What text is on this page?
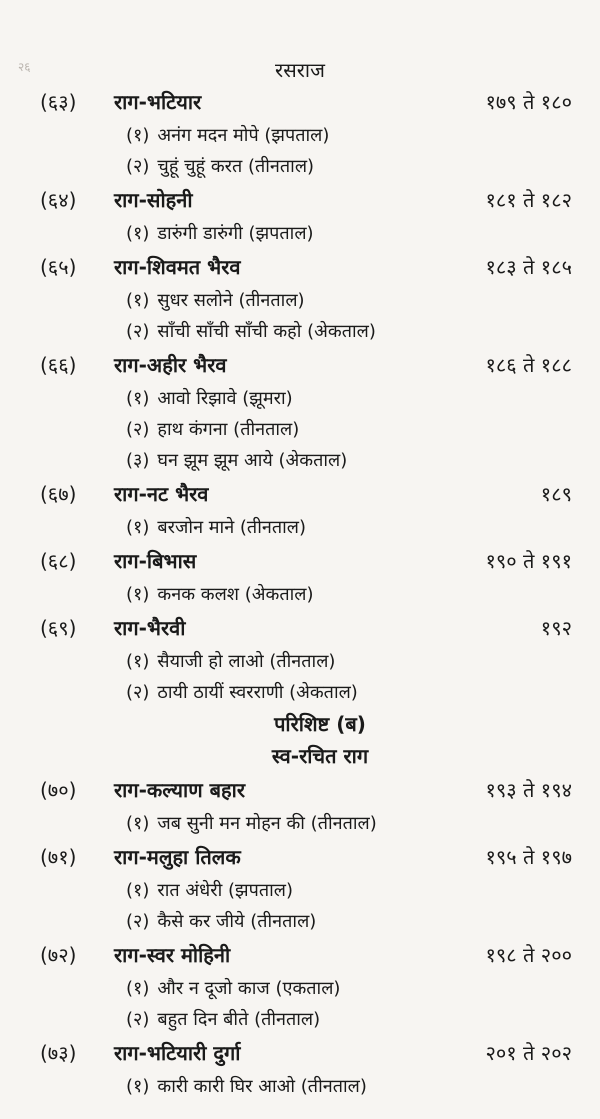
२६	रसराज
(६३) राग-भटियार	१७९ ते १८०
(१) अनंग मदन मोपे (झपताल)
(२) चुहूं चुहूं करत (तीनताल)
(६४) राग-सोहनी	१८१ ते १८२
(१) डारुंगी डारुंगी (झपताल)
(६५) राग-शिवमत भैरव	१८३ ते १८५
(१) सुधर सलोने (तीनताल)
(२) साँची साँची साँची कहो (अेकताल)
(६६) राग-अहीर भैरव	१८६ ते १८८
(१) आवो रिझावे (झूमरा)
(२) हाथ कंगना (तीनताल)
(३) घन झूम झूम आये (अेकताल)
(६७) राग-नट भैरव	१८९
(१) बरजोन माने (तीनताल)
(६८) राग-बिभास	१९० ते १९१
(१) कनक कलश (अेकताल)
(६९) राग-भैरवी	१९२
(१) सैयाजी हो लाओ (तीनताल)
(२) ठायी ठायीं स्वरराणी (अेकताल)
परिशिष्ट (ब)
स्व-रचित राग
(७०) राग-कल्याण बहार	१९३ ते १९४
(१) जब सुनी मन मोहन की (तीनताल)
(७१) राग-मलुहा तिलक	१९५ ते १९७
(१) रात अंधेरी (झपताल)
(२) कैसे कर जीये (तीनताल)
(७२) राग-स्वर मोहिनी	१९८ ते २००
(१) और न दूजो काज (एकताल)
(२) बहुत दिन बीते (तीनताल)
(७३) राग-भटियारी दुर्गा	२०१ ते २०२
(१) कारी कारी घिर आओ (तीनताल)
